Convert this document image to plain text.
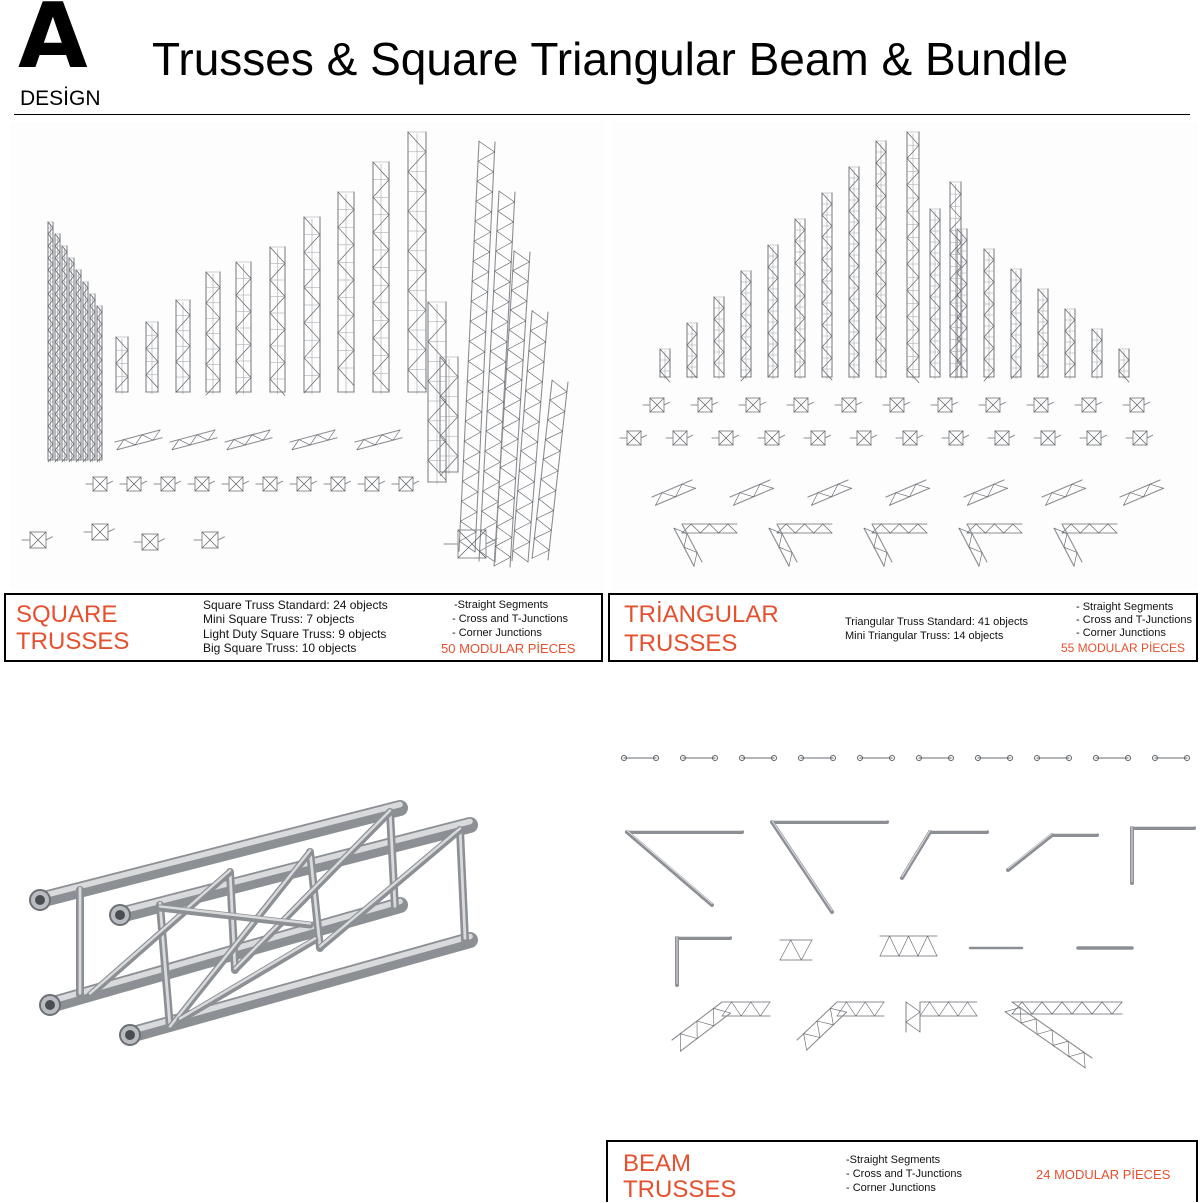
A
DESİGN
Trusses & Square Triangular Beam & Bundle
SQUARE
TRUSSES
Square Truss Standard: 24 objects
Mini Square Truss: 7 objects
Light Duty Square Truss: 9 objects
Big Square Truss: 10 objects
-Straight Segments
- Cross and T-Junctions
- Corner Junctions
50 MODULAR PİECES
TRİANGULAR
TRUSSES
Triangular Truss Standard: 41 objects
Mini Triangular Truss: 14 objects
- Straight Segments
- Cross and T-Junctions
- Corner Junctions
55 MODULAR PİECES
BEAM
TRUSSES
-Straight Segments
- Cross and T-Junctions
- Corner Junctions
24 MODULAR PİECES
